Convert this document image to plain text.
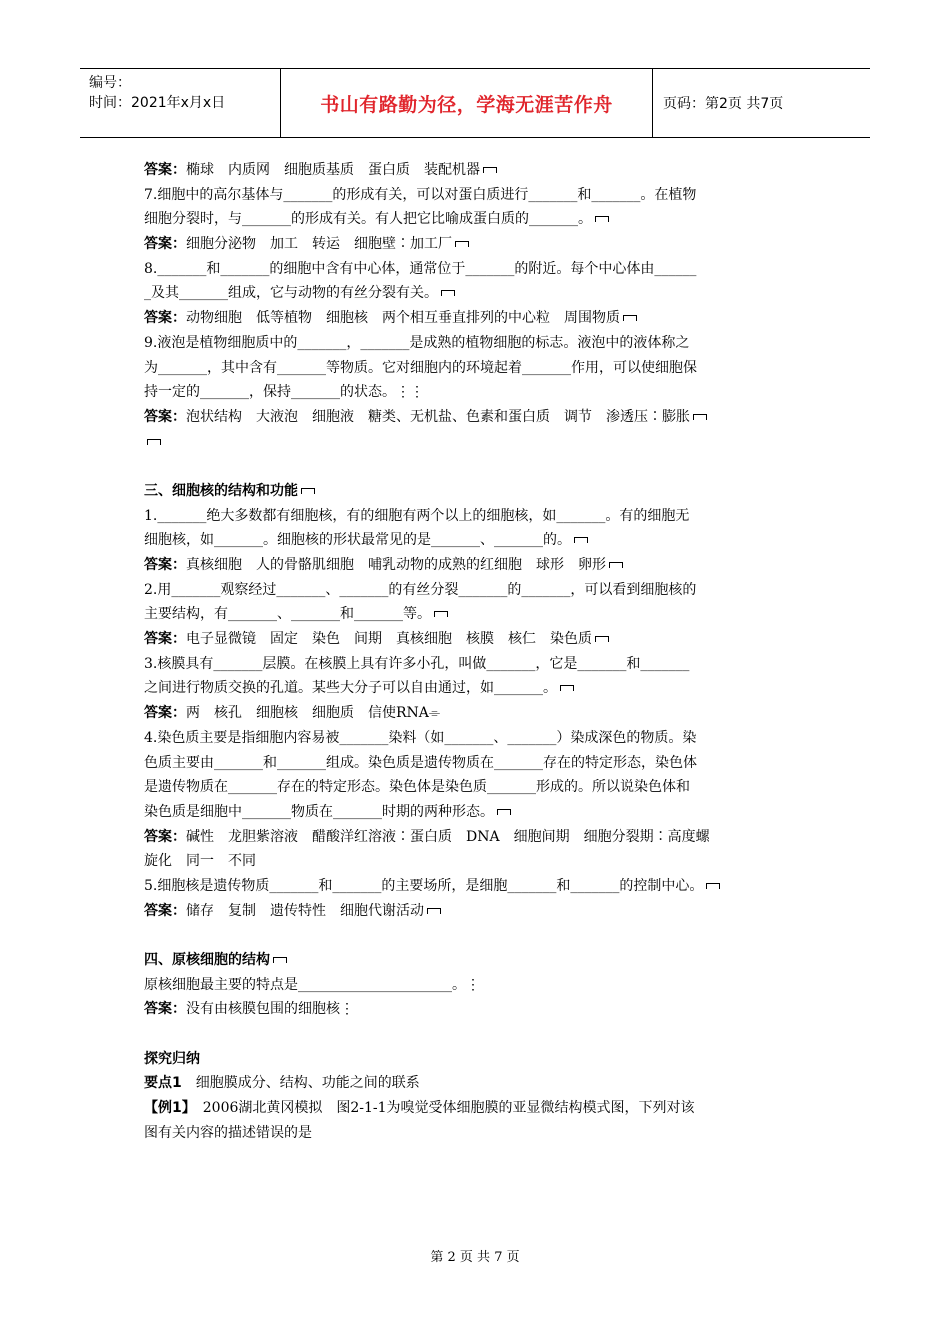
编号：
时间：2021年x月x日	书山有路勤为径，学海无涯苦作舟	页码：第2页 共7页
答案：椭球　内质网　细胞质基质　蛋白质　装配机器
7.细胞中的高尔基体与_______的形成有关，可以对蛋白质进行_______和_______。在植物
细胞分裂时，与_______的形成有关。有人把它比喻成蛋白质的_______。
答案：细胞分泌物　加工　转运　细胞壁∶加工厂
8._______和_______的细胞中含有中心体，通常位于_______的附近。每个中心体由______
_及其_______组成，它与动物的有丝分裂有关。
答案：动物细胞　低等植物　细胞核　两个相互垂直排列的中心粒　周围物质
9.液泡是植物细胞质中的_______，_______是成熟的植物细胞的标志。液泡中的液体称之
为_______，其中含有_______等物质。它对细胞内的环境起着_______作用，可以使细胞保
持一定的_______，保持_______的状态。⋮⋮
答案：泡状结构　大液泡　细胞液　糖类、无机盐、色素和蛋白质　调节　渗透压∶膨胀
三、细胞核的结构和功能
1._______绝大多数都有细胞核，有的细胞有两个以上的细胞核，如_______。有的细胞无
细胞核，如_______。细胞核的形状最常见的是_______、_______的。
答案：真核细胞　人的骨骼肌细胞　哺乳动物的成熟的红细胞　球形　卵形
2.用_______观察经过_______、_______的有丝分裂_______的_______，可以看到细胞核的
主要结构，有_______、_______和_______等。
答案：电子显微镜　固定　染色　间期　真核细胞　核膜　核仁　染色质
3.核膜具有_______层膜。在核膜上具有许多小孔，叫做_______，它是_______和_______
之间进行物质交换的孔道。某些大分子可以自由通过，如_______。
答案：两　核孔　细胞核　细胞质　信使RNA⌯
4.染色质主要是指细胞内容易被_______染料（如_______、_______）染成深色的物质。染
色质主要由_______和_______组成。染色质是遗传物质在_______存在的特定形态，染色体
是遗传物质在_______存在的特定形态。染色体是染色质_______形成的。所以说染色体和
染色质是细胞中_______物质在_______时期的两种形态。
答案：碱性　龙胆紫溶液　醋酸洋红溶液∶蛋白质　DNA　细胞间期　细胞分裂期∶高度螺
旋化　同一　不同
5.细胞核是遗传物质_______和_______的主要场所，是细胞_______和_______的控制中心。
答案：储存　复制　遗传特性　细胞代谢活动
四、原核细胞的结构
原核细胞最主要的特点是______________________。⋮
答案：没有由核膜包围的细胞核⋮
探究归纳
要点1　细胞膜成分、结构、功能之间的联系
【例1】　2006湖北黄冈模拟　图2-1-1为嗅觉受体细胞膜的亚显微结构模式图，下列对该
图有关内容的描述错误的是
第 2 页 共 7 页
